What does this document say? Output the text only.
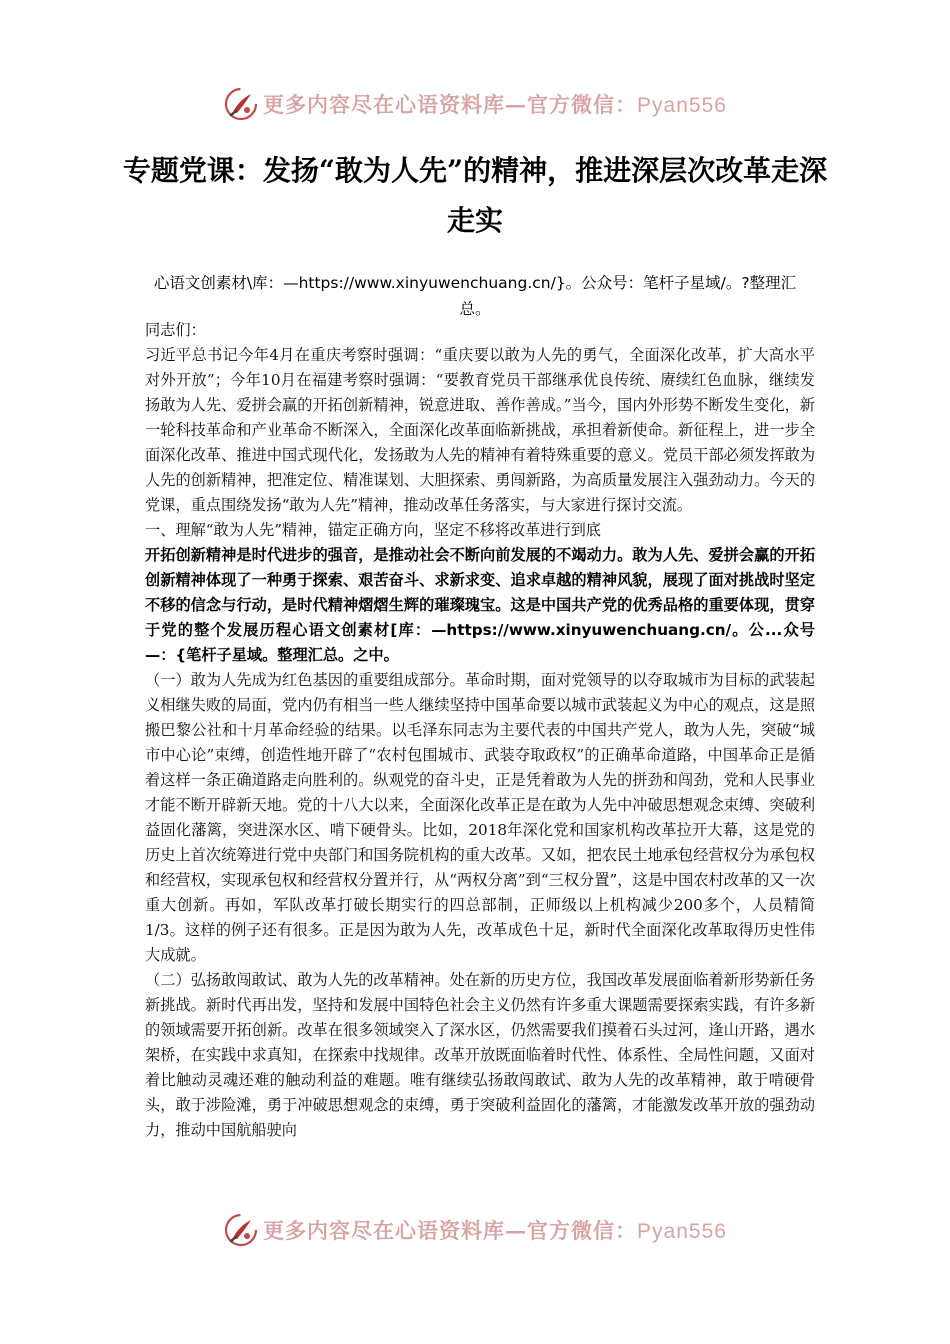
更多内容尽在心语资料库—官方微信：Pyan556
专题党课：发扬“敢为人先”的精神，推进深层次改革走深走实

心语文创素材\库：—https://www.xinyuwenchuang.cn/}。公众号：笔杆子星域/。?整理汇总。

同志们：

习近平总书记今年4月在重庆考察时强调：“重庆要以敢为人先的勇气，全面深化改革，扩大高水平对外开放”；今年10月在福建考察时强调：“要教育党员干部继承优良传统、赓续红色血脉，继续发扬敢为人先、爱拼会赢的开拓创新精神，锐意进取、善作善成。”当今，国内外形势不断发生变化，新一轮科技革命和产业革命不断深入，全面深化改革面临新挑战，承担着新使命。新征程上，进一步全面深化改革、推进中国式现代化，发扬敢为人先的精神有着特殊重要的意义。党员干部必须发挥敢为人先的创新精神，把准定位、精准谋划、大胆探索、勇闯新路，为高质量发展注入强劲动力。今天的党课，重点围绕发扬“敢为人先”精神，推动改革任务落实，与大家进行探讨交流。

一、理解“敢为人先”精神，锚定正确方向，坚定不移将改革进行到底

开拓创新精神是时代进步的强音，是推动社会不断向前发展的不竭动力。敢为人先、爱拼会赢的开拓创新精神体现了一种勇于探索、艰苦奋斗、求新求变、追求卓越的精神风貌，展现了面对挑战时坚定不移的信念与行动，是时代精神熠熠生辉的璀璨瑰宝。这是中国共产党的优秀品格的重要体现，贯穿于党的整个发展历程心语文创素材[库：—https://www.xinyuwenchuang.cn/。公...众号—：{笔杆子星域。整理汇总。之中。

（一）敢为人先成为红色基因的重要组成部分。革命时期，面对党领导的以夺取城市为目标的武装起义相继失败的局面，党内仍有相当一些人继续坚持中国革命要以城市武装起义为中心的观点，这是照搬巴黎公社和十月革命经验的结果。以毛泽东同志为主要代表的中国共产党人，敢为人先，突破“城市中心论”束缚，创造性地开辟了“农村包围城市、武装夺取政权”的正确革命道路，中国革命正是循着这样一条正确道路走向胜利的。纵观党的奋斗史，正是凭着敢为人先的拼劲和闯劲，党和人民事业才能不断开辟新天地。党的十八大以来，全面深化改革正是在敢为人先中冲破思想观念束缚、突破利益固化藩篱，突进深水区、啃下硬骨头。比如，2018年深化党和国家机构改革拉开大幕，这是党的历史上首次统筹进行党中央部门和国务院机构的重大改革。又如，把农民土地承包经营权分为承包权和经营权，实现承包权和经营权分置并行，从“两权分离”到“三权分置”，这是中国农村改革的又一次重大创新。再如，军队改革打破长期实行的四总部制，正师级以上机构减少200多个，人员精简1/3。这样的例子还有很多。正是因为敢为人先，改革成色十足，新时代全面深化改革取得历史性伟大成就。

（二）弘扬敢闯敢试、敢为人先的改革精神。处在新的历史方位，我国改革发展面临着新形势新任务新挑战。新时代再出发，坚持和发展中国特色社会主义仍然有许多重大课题需要探索实践，有许多新的领域需要开拓创新。改革在很多领域突入了深水区，仍然需要我们摸着石头过河，逢山开路，遇水架桥，在实践中求真知，在探索中找规律。改革开放既面临着时代性、体系性、全局性问题，又面对着比触动灵魂还难的触动利益的难题。唯有继续弘扬敢闯敢试、敢为人先的改革精神，敢于啃硬骨头，敢于涉险滩，勇于冲破思想观念的束缚，勇于突破利益固化的藩篱，才能激发改革开放的强劲动力，推动中国航船驶向

更多内容尽在心语资料库—官方微信：Pyan556
